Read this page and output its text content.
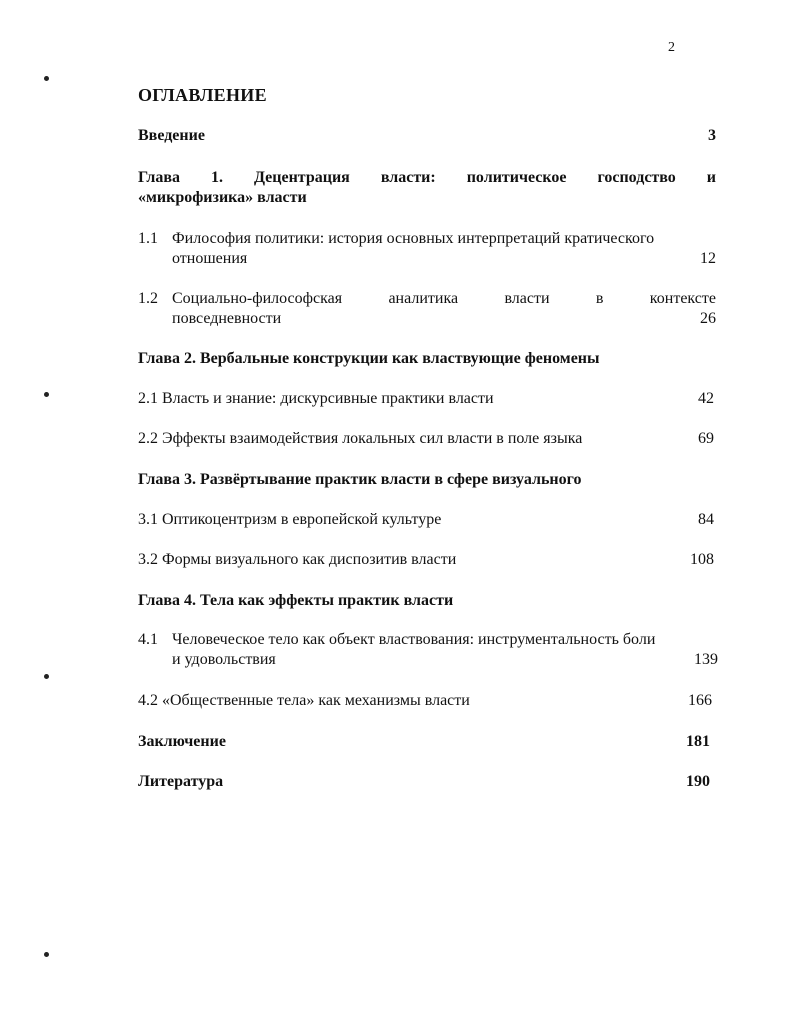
2
ОГЛАВЛЕНИЕ
Введение	3
Глава 1. Децентрация власти: политическое господство и
«микрофизика» власти
1.1 Философия политики: история основных интерпретаций кратического
отношения	12
1.2 Социально-философская аналитика власти в контексте
повседневности	26
Глава 2. Вербальные конструкции как властвующие феномены
2.1 Власть и знание: дискурсивные практики власти	42
2.2 Эффекты взаимодействия локальных сил власти в поле языка	69
Глава 3. Развёртывание практик власти в сфере визуального
3.1 Оптикоцентризм в европейской культуре	84
3.2 Формы визуального как диспозитив власти	108
Глава 4. Тела как эффекты практик власти
4.1 Человеческое тело как объект властвования: инструментальность боли
и удовольствия	139
4.2 «Общественные тела» как механизмы власти	166
Заключение	181
Литература	190
